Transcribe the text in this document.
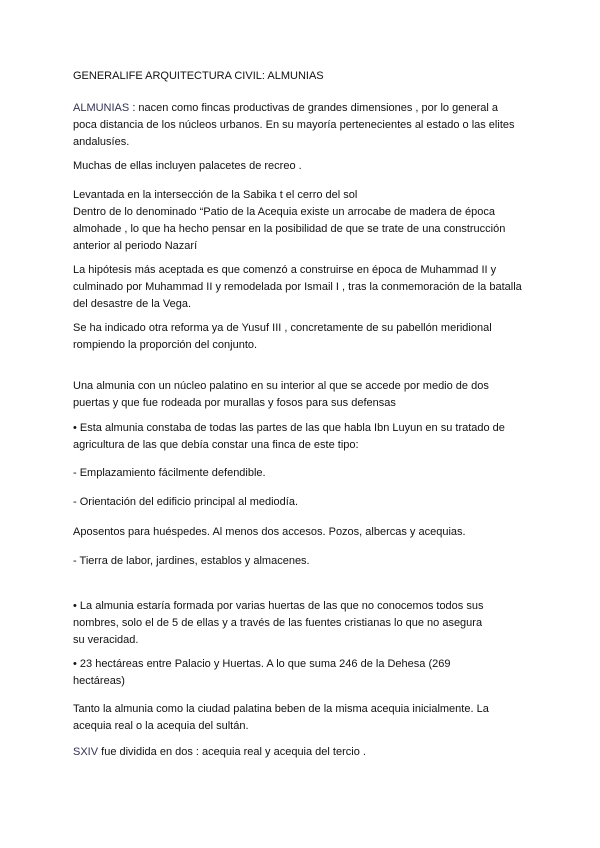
GENERALIFE ARQUITECTURA CIVIL: ALMUNIAS

ALMUNIAS : nacen como fincas productivas de grandes dimensiones , por lo general a
poca distancia de los núcleos urbanos. En su mayoría pertenecientes al estado o las elites
andalusíes.

Muchas de ellas incluyen palacetes de recreo .

Levantada en la intersección de la Sabika t el cerro del sol
Dentro de lo denominado “Patio de la Acequia existe un arrocabe de madera de época
almohade , lo que ha hecho pensar en la posibilidad de que se trate de una construcción
anterior al periodo Nazarí

La hipótesis más aceptada es que comenzó a construirse en época de Muhammad II y
culminado por Muhammad II y remodelada por Ismail I , tras la conmemoración de la batalla
del desastre de la Vega.

Se ha indicado otra reforma ya de Yusuf III , concretamente de su pabellón meridional
rompiendo la proporción del conjunto.

Una almunia con un núcleo palatino en su interior al que se accede por medio de dos
puertas y que fue rodeada por murallas y fosos para sus defensas

• Esta almunia constaba de todas las partes de las que habla Ibn Luyun en su tratado de
agricultura de las que debía constar una finca de este tipo:

- Emplazamiento fácilmente defendible.

- Orientación del edificio principal al mediodía.

Aposentos para huéspedes. Al menos dos accesos. Pozos, albercas y acequias.

- Tierra de labor, jardines, establos y almacenes.

• La almunia estaría formada por varias huertas de las que no conocemos todos sus
nombres, solo el de 5 de ellas y a través de las fuentes cristianas lo que no asegura
su veracidad.

• 23 hectáreas entre Palacio y Huertas. A lo que suma 246 de la Dehesa (269
hectáreas)

Tanto la almunia como la ciudad palatina beben de la misma acequia inicialmente. La
acequia real o la acequia del sultán.

SXIV fue dividida en dos : acequia real y acequia del tercio .
